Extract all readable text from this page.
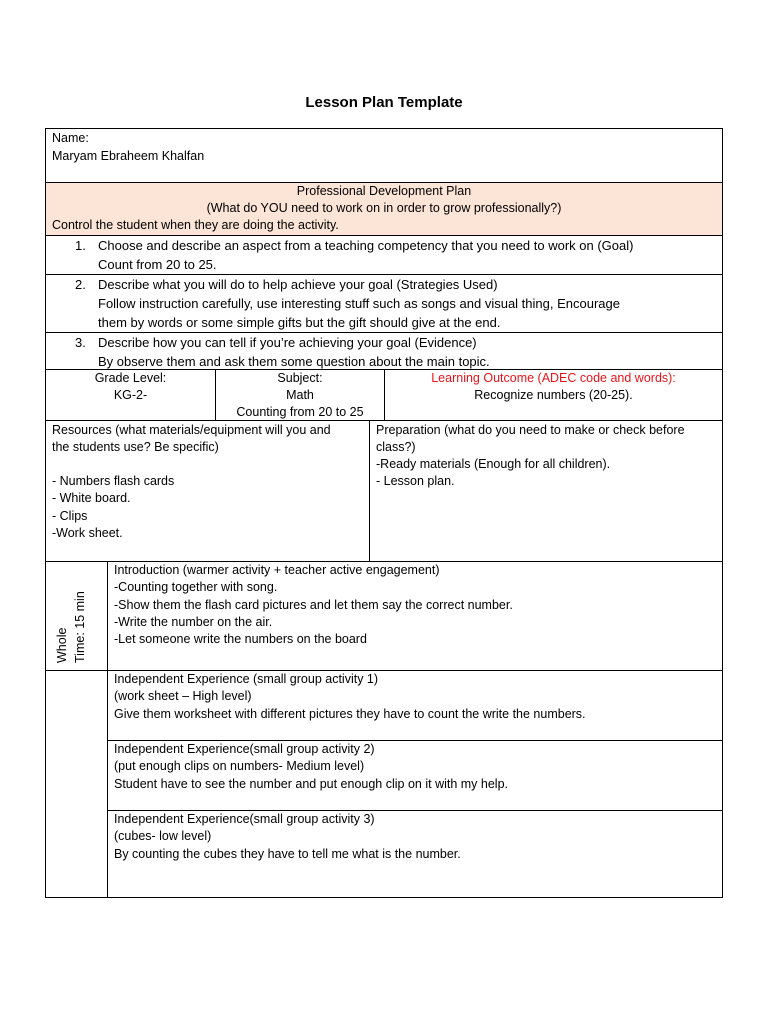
Lesson Plan Template
Name:
Maryam Ebraheem Khalfan
Professional Development Plan
(What do YOU need to work on in order to grow professionally?)
Control the student when they are doing the activity.
1. Choose and describe an aspect from a teaching competency that you need to work on (Goal)
Count from 20 to 25.
2. Describe what you will do to help achieve your goal (Strategies Used)
Follow instruction carefully, use interesting stuff such as songs and visual thing, Encourage
them by words or some simple gifts but the gift should give at the end.
3. Describe how you can tell if you’re achieving your goal (Evidence)
By observe them and ask them some question about the main topic.
Grade Level:
KG-2-
Subject:
Math
Counting from 20 to 25
Learning Outcome (ADEC code and words):
Recognize numbers (20-25).
Resources (what materials/equipment will you and
the students use? Be specific)
- Numbers flash cards
- White board.
- Clips
-Work sheet.
Preparation (what do you need to make or check before
class?)
-Ready materials (Enough for all children).
- Lesson plan.
Whole Time: 15 min
Introduction (warmer activity + teacher active engagement)
-Counting together with song.
-Show them the flash card pictures and let them say the correct number.
-Write the number on the air.
-Let someone write the numbers on the board
Independent Experience (small group activity 1)
(work sheet – High level)
Give them worksheet with different pictures they have to count the write the numbers.
Independent Experience(small group activity 2)
(put enough clips on numbers- Medium level)
Student have to see the number and put enough clip on it with my help.
Independent Experience(small group activity 3)
(cubes- low level)
By counting the cubes they have to tell me what is the number.
